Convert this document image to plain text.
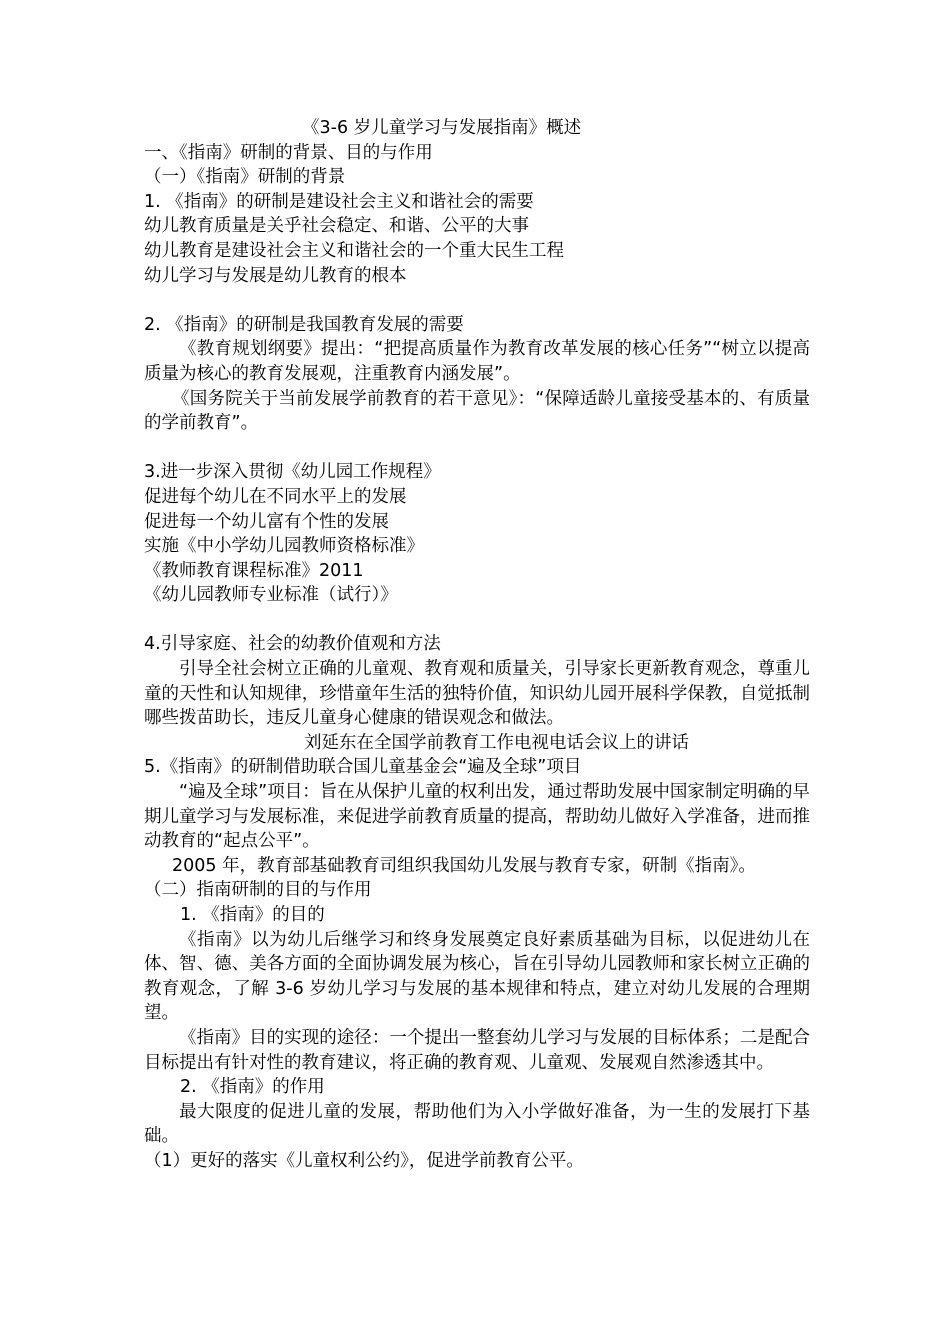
《3-6 岁儿童学习与发展指南》概述

一、《指南》研制的背景、目的与作用

（一）《指南》研制的背景

1. 《指南》的研制是建设社会主义和谐社会的需要

幼儿教育质量是关乎社会稳定、和谐、公平的大事

幼儿教育是建设社会主义和谐社会的一个重大民生工程

幼儿学习与发展是幼儿教育的根本

2. 《指南》的研制是我国教育发展的需要

《教育规划纲要》提出：“把提高质量作为教育改革发展的核心任务”“树立以提高质量为核心的教育发展观，注重教育内涵发展”。

《国务院关于当前发展学前教育的若干意见》：“保障适龄儿童接受基本的、有质量的学前教育”。

3.进一步深入贯彻《幼儿园工作规程》

促进每个幼儿在不同水平上的发展

促进每一个幼儿富有个性的发展

实施《中小学幼儿园教师资格标准》

《教师教育课程标准》2011

《幼儿园教师专业标准（试行）》

4.引导家庭、社会的幼教价值观和方法

引导全社会树立正确的儿童观、教育观和质量关，引导家长更新教育观念，尊重儿童的天性和认知规律，珍惜童年生活的独特价值，知识幼儿园开展科学保教，自觉抵制哪些拨苗助长，违反儿童身心健康的错误观念和做法。

刘延东在全国学前教育工作电视电话会议上的讲话

5.《指南》的研制借助联合国儿童基金会“遍及全球”项目

“遍及全球”项目：旨在从保护儿童的权利出发，通过帮助发展中国家制定明确的早期儿童学习与发展标准，来促进学前教育质量的提高，帮助幼儿做好入学准备，进而推动教育的“起点公平”。

2005 年，教育部基础教育司组织我国幼儿发展与教育专家，研制《指南》。

（二）指南研制的目的与作用

1. 《指南》的目的

《指南》以为幼儿后继学习和终身发展奠定良好素质基础为目标，以促进幼儿在体、智、德、美各方面的全面协调发展为核心，旨在引导幼儿园教师和家长树立正确的教育观念，了解 3-6 岁幼儿学习与发展的基本规律和特点，建立对幼儿发展的合理期望。

《指南》目的实现的途径：一个提出一整套幼儿学习与发展的目标体系；二是配合目标提出有针对性的教育建议，将正确的教育观、儿童观、发展观自然渗透其中。

2. 《指南》的作用

最大限度的促进儿童的发展，帮助他们为入小学做好准备，为一生的发展打下基础。

（1）更好的落实《儿童权利公约》，促进学前教育公平。
